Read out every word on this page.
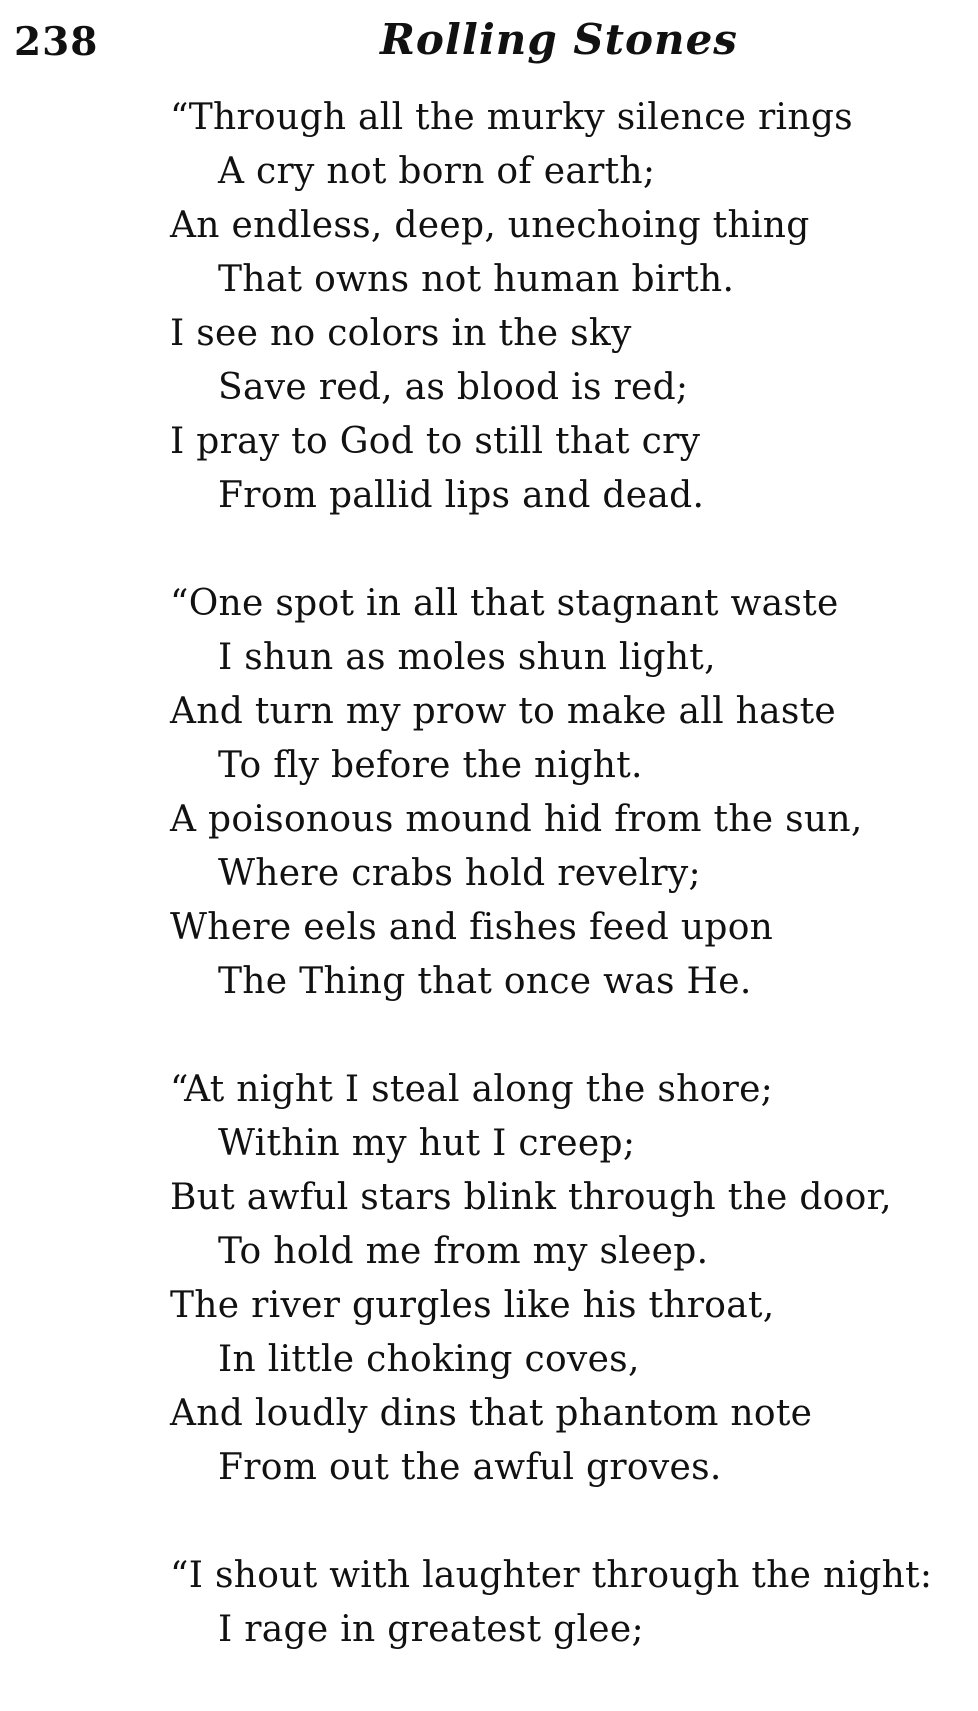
238	Rolling Stones
“Through all the murky silence rings
A cry not born of earth;
An endless, deep, unechoing thing
That owns not human birth.
I see no colors in the sky
Save red, as blood is red;
I pray to God to still that cry
From pallid lips and dead.
“One spot in all that stagnant waste
I shun as moles shun light,
And turn my prow to make all haste
To fly before the night.
A poisonous mound hid from the sun,
Where crabs hold revelry;
Where eels and fishes feed upon
The Thing that once was He.
“At night I steal along the shore;
Within my hut I creep;
But awful stars blink through the door,
To hold me from my sleep.
The river gurgles like his throat,
In little choking coves,
And loudly dins that phantom note
From out the awful groves.
“I shout with laughter through the night:
I rage in greatest glee;
